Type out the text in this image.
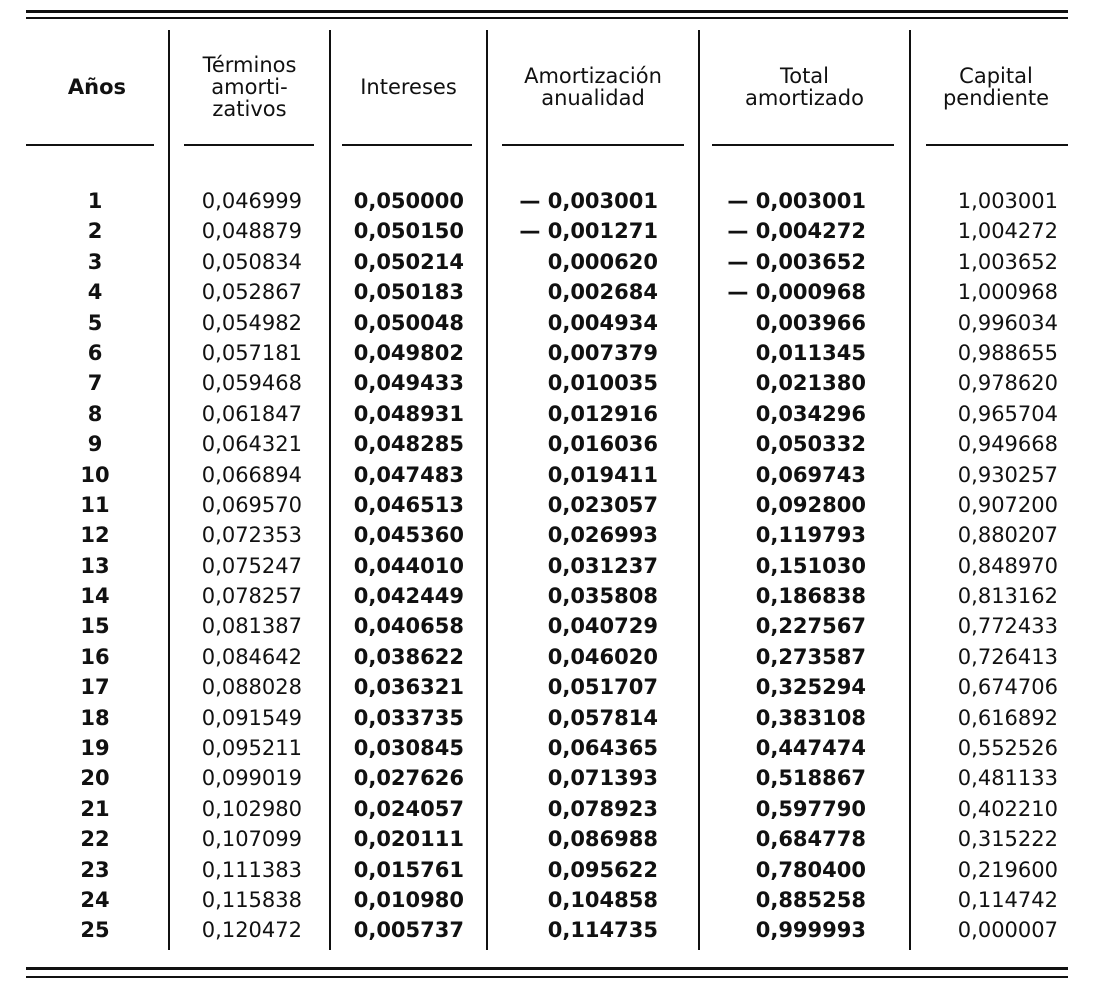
Años
Términos
amorti-
zativos
Intereses	Amortización
anualidad
Total
amortizado
Capital
pendiente
1
2
3
4
5
6
7
8
9
10
11
12
13
14
15
16
17
18
19
20
21
22
23
24
25
0,046999
0,048879
0,050834
0,052867
0,054982
0,057181
0,059468
0,061847
0,064321
0,066894
0,069570
0,072353
0,075247
0,078257
0,081387
0,084642
0,088028
0,091549
0,095211
0,099019
0,102980
0,107099
0,111383
0,115838
0,120472
0,050000
0,050150
0,050214
0,050183
0,050048
0,049802
0,049433
0,048931
0,048285
0,047483
0,046513
0,045360
0,044010
0,042449
0,040658
0,038622
0,036321
0,033735
0,030845
0,027626
0,024057
0,020111
0,015761
0,010980
0,005737
— 0,003001
— 0,001271
0,000620
0,002684
0,004934
0,007379
0,010035
0,012916
0,016036
0,019411
0,023057
0,026993
0,031237
0,035808
0,040729
0,046020
0,051707
0,057814
0,064365
0,071393
0,078923
0,086988
0,095622
0,104858
0,114735
— 0,003001
— 0,004272
— 0,003652
— 0,000968
0,003966
0,011345
0,021380
0,034296
0,050332
0,069743
0,092800
0,119793
0,151030
0,186838
0,227567
0,273587
0,325294
0,383108
0,447474
0,518867
0,597790
0,684778
0,780400
0,885258
0,999993
1,003001
1,004272
1,003652
1,000968
0,996034
0,988655
0,978620
0,965704
0,949668
0,930257
0,907200
0,880207
0,848970
0,813162
0,772433
0,726413
0,674706
0,616892
0,552526
0,481133
0,402210
0,315222
0,219600
0,114742
0,000007
